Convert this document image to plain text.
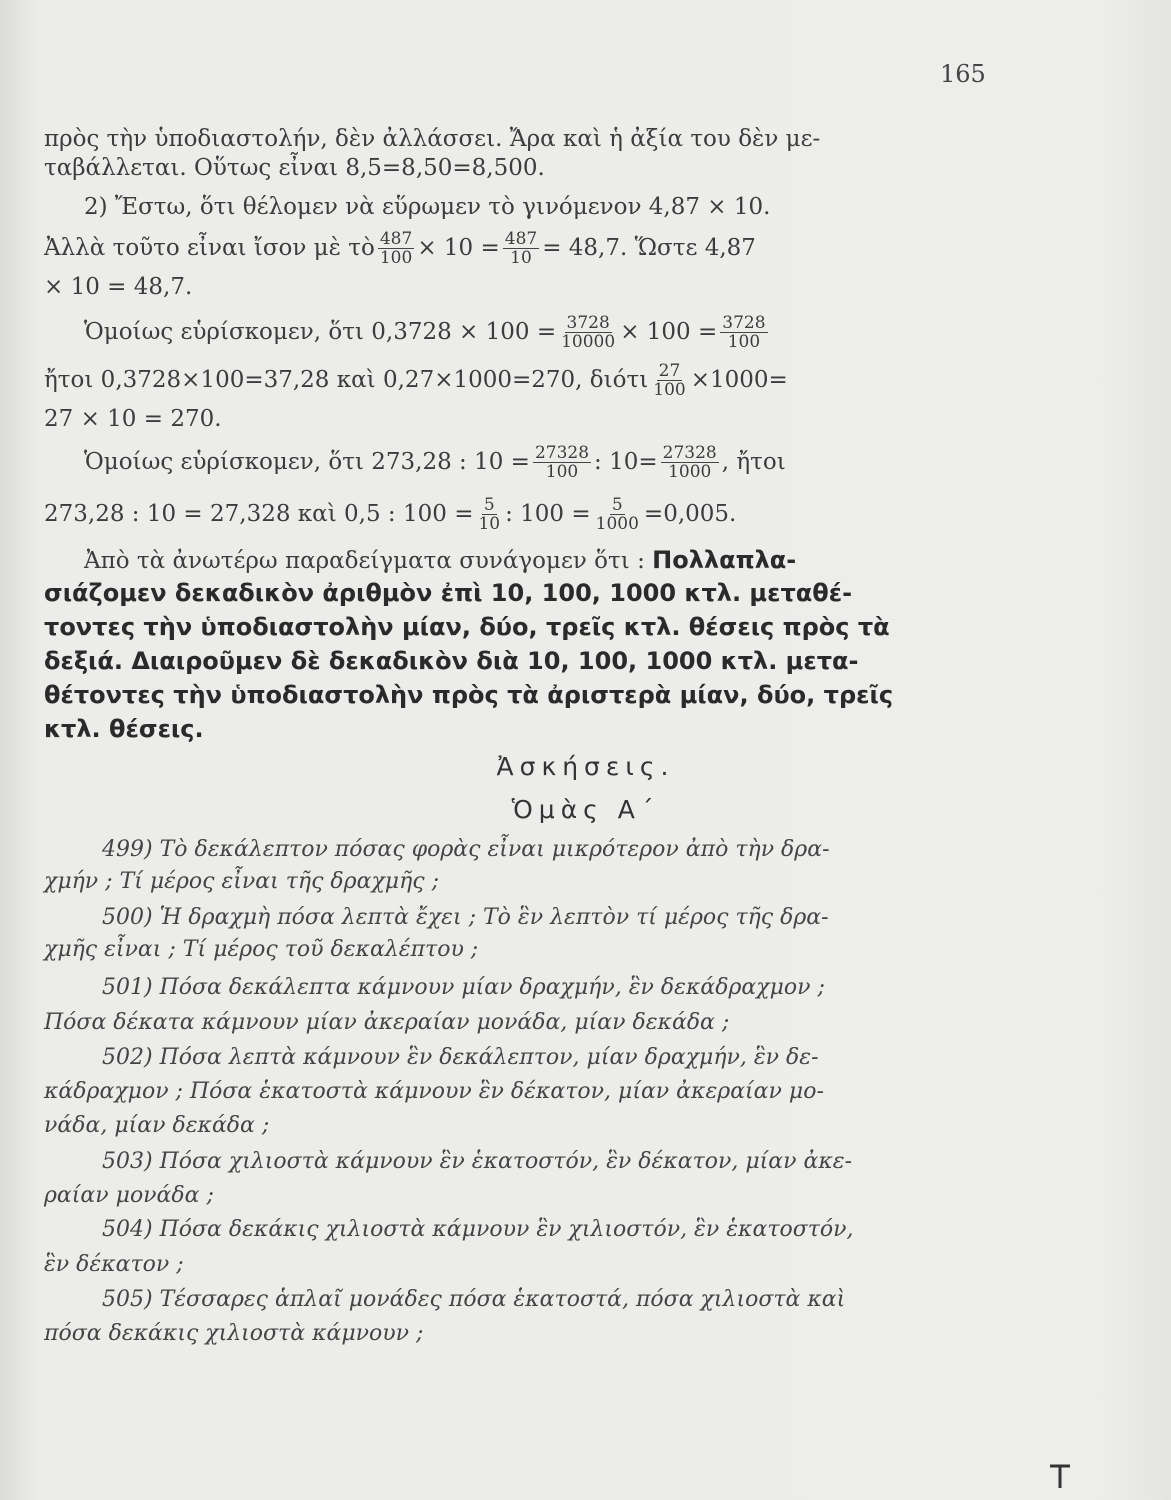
165
πρὸς τὴν ὑποδιαστολήν, δὲν ἀλλάσσει. Ἄρα καὶ ἡ ἀξία του δὲν με-
ταβάλλεται. Οὕτως εἶναι 8,5=8,50=8,500.
2) Ἔστω, ὅτι θέλομεν νὰ εὕρωμεν τὸ γινόμενον 4,87 × 10.
Ἀλλὰ τοῦτο εἶναι ἴσον μὲ τὸ $\frac{487}{100} \times 10 = \frac{487}{10} = 48,7$. Ὥστε 4,87
× 10 = 48,7.
Ὁμοίως εὑρίσκομεν, ὅτι $0,3728 \times 100 = \frac{3728}{10000} \times 100 = \frac{3728}{100}$
ἤτοι 0,3728×100=37,28 καὶ 0,27×1000=270, διότι $\frac{27}{100} \times 1000=$
27 × 10 = 270.
Ὁμοίως εὑρίσκομεν, ὅτι 273,28 : $10 = \frac{27328}{100}$ : $10= \frac{27328}{1000}$ , ἤτοι
273,28 : 10 = 27,328 καὶ 0,5 : $100 = \frac{5}{10}$ : $100 = \frac{5}{1000} =0,005$.
Ἀπὸ τὰ ἀνωτέρω παραδείγματα συνάγομεν ὅτι : Πολλαπλα-
σιάζομεν δεκαδικὸν ἀριθμὸν ἐπὶ 10, 100, 1000 κτλ. μεταθέ-
τοντες τὴν ὑποδιαστολὴν μίαν, δύο, τρεῖς κτλ. θέσεις πρὸς τὰ
δεξιά. Διαιροῦμεν δὲ δεκαδικὸν διὰ 10, 100, 1000 κτλ. μετα-
θέτοντες τὴν ὑποδιαστολὴν πρὸς τὰ ἀριστερὰ μίαν, δύο, τρεῖς
κτλ. θέσεις.
Ἀσκήσεις.
Ὁμὰς Α΄
499) Τὸ δεκάλεπτον πόσας φορὰς εἶναι μικρότερον ἀπὸ τὴν δρα-
χμήν ; Τί μέρος εἶναι τῆς δραχμῆς ;
500) Ἡ δραχμὴ πόσα λεπτὰ ἔχει ; Τὸ ἓν λεπτὸν τί μέρος τῆς δρα-
χμῆς εἶναι ; Τί μέρος τοῦ δεκαλέπτου ;
501) Πόσα δεκάλεπτα κάμνουν μίαν δραχμήν, ἓν δεκάδραχμον ;
Πόσα δέκατα κάμνουν μίαν ἀκεραίαν μονάδα, μίαν δεκάδα ;
502) Πόσα λεπτὰ κάμνουν ἓν δεκάλεπτον, μίαν δραχμήν, ἓν δε-
κάδραχμον ; Πόσα ἑκατοστὰ κάμνουν ἓν δέκατον, μίαν ἀκεραίαν μο-
νάδα, μίαν δεκάδα ;
503) Πόσα χιλιοστὰ κάμνουν ἓν ἑκατοστόν, ἓν δέκατον, μίαν ἀκε-
ραίαν μονάδα ;
504) Πόσα δεκάκις χιλιοστὰ κάμνουν ἓν χιλιοστόν, ἓν ἑκατοστόν,
ἓν δέκατον ;
505) Τέσσαρες ἁπλαῖ μονάδες πόσα ἑκατοστά, πόσα χιλιοστὰ καὶ
πόσα δεκάκις χιλιοστὰ κάμνουν ;
